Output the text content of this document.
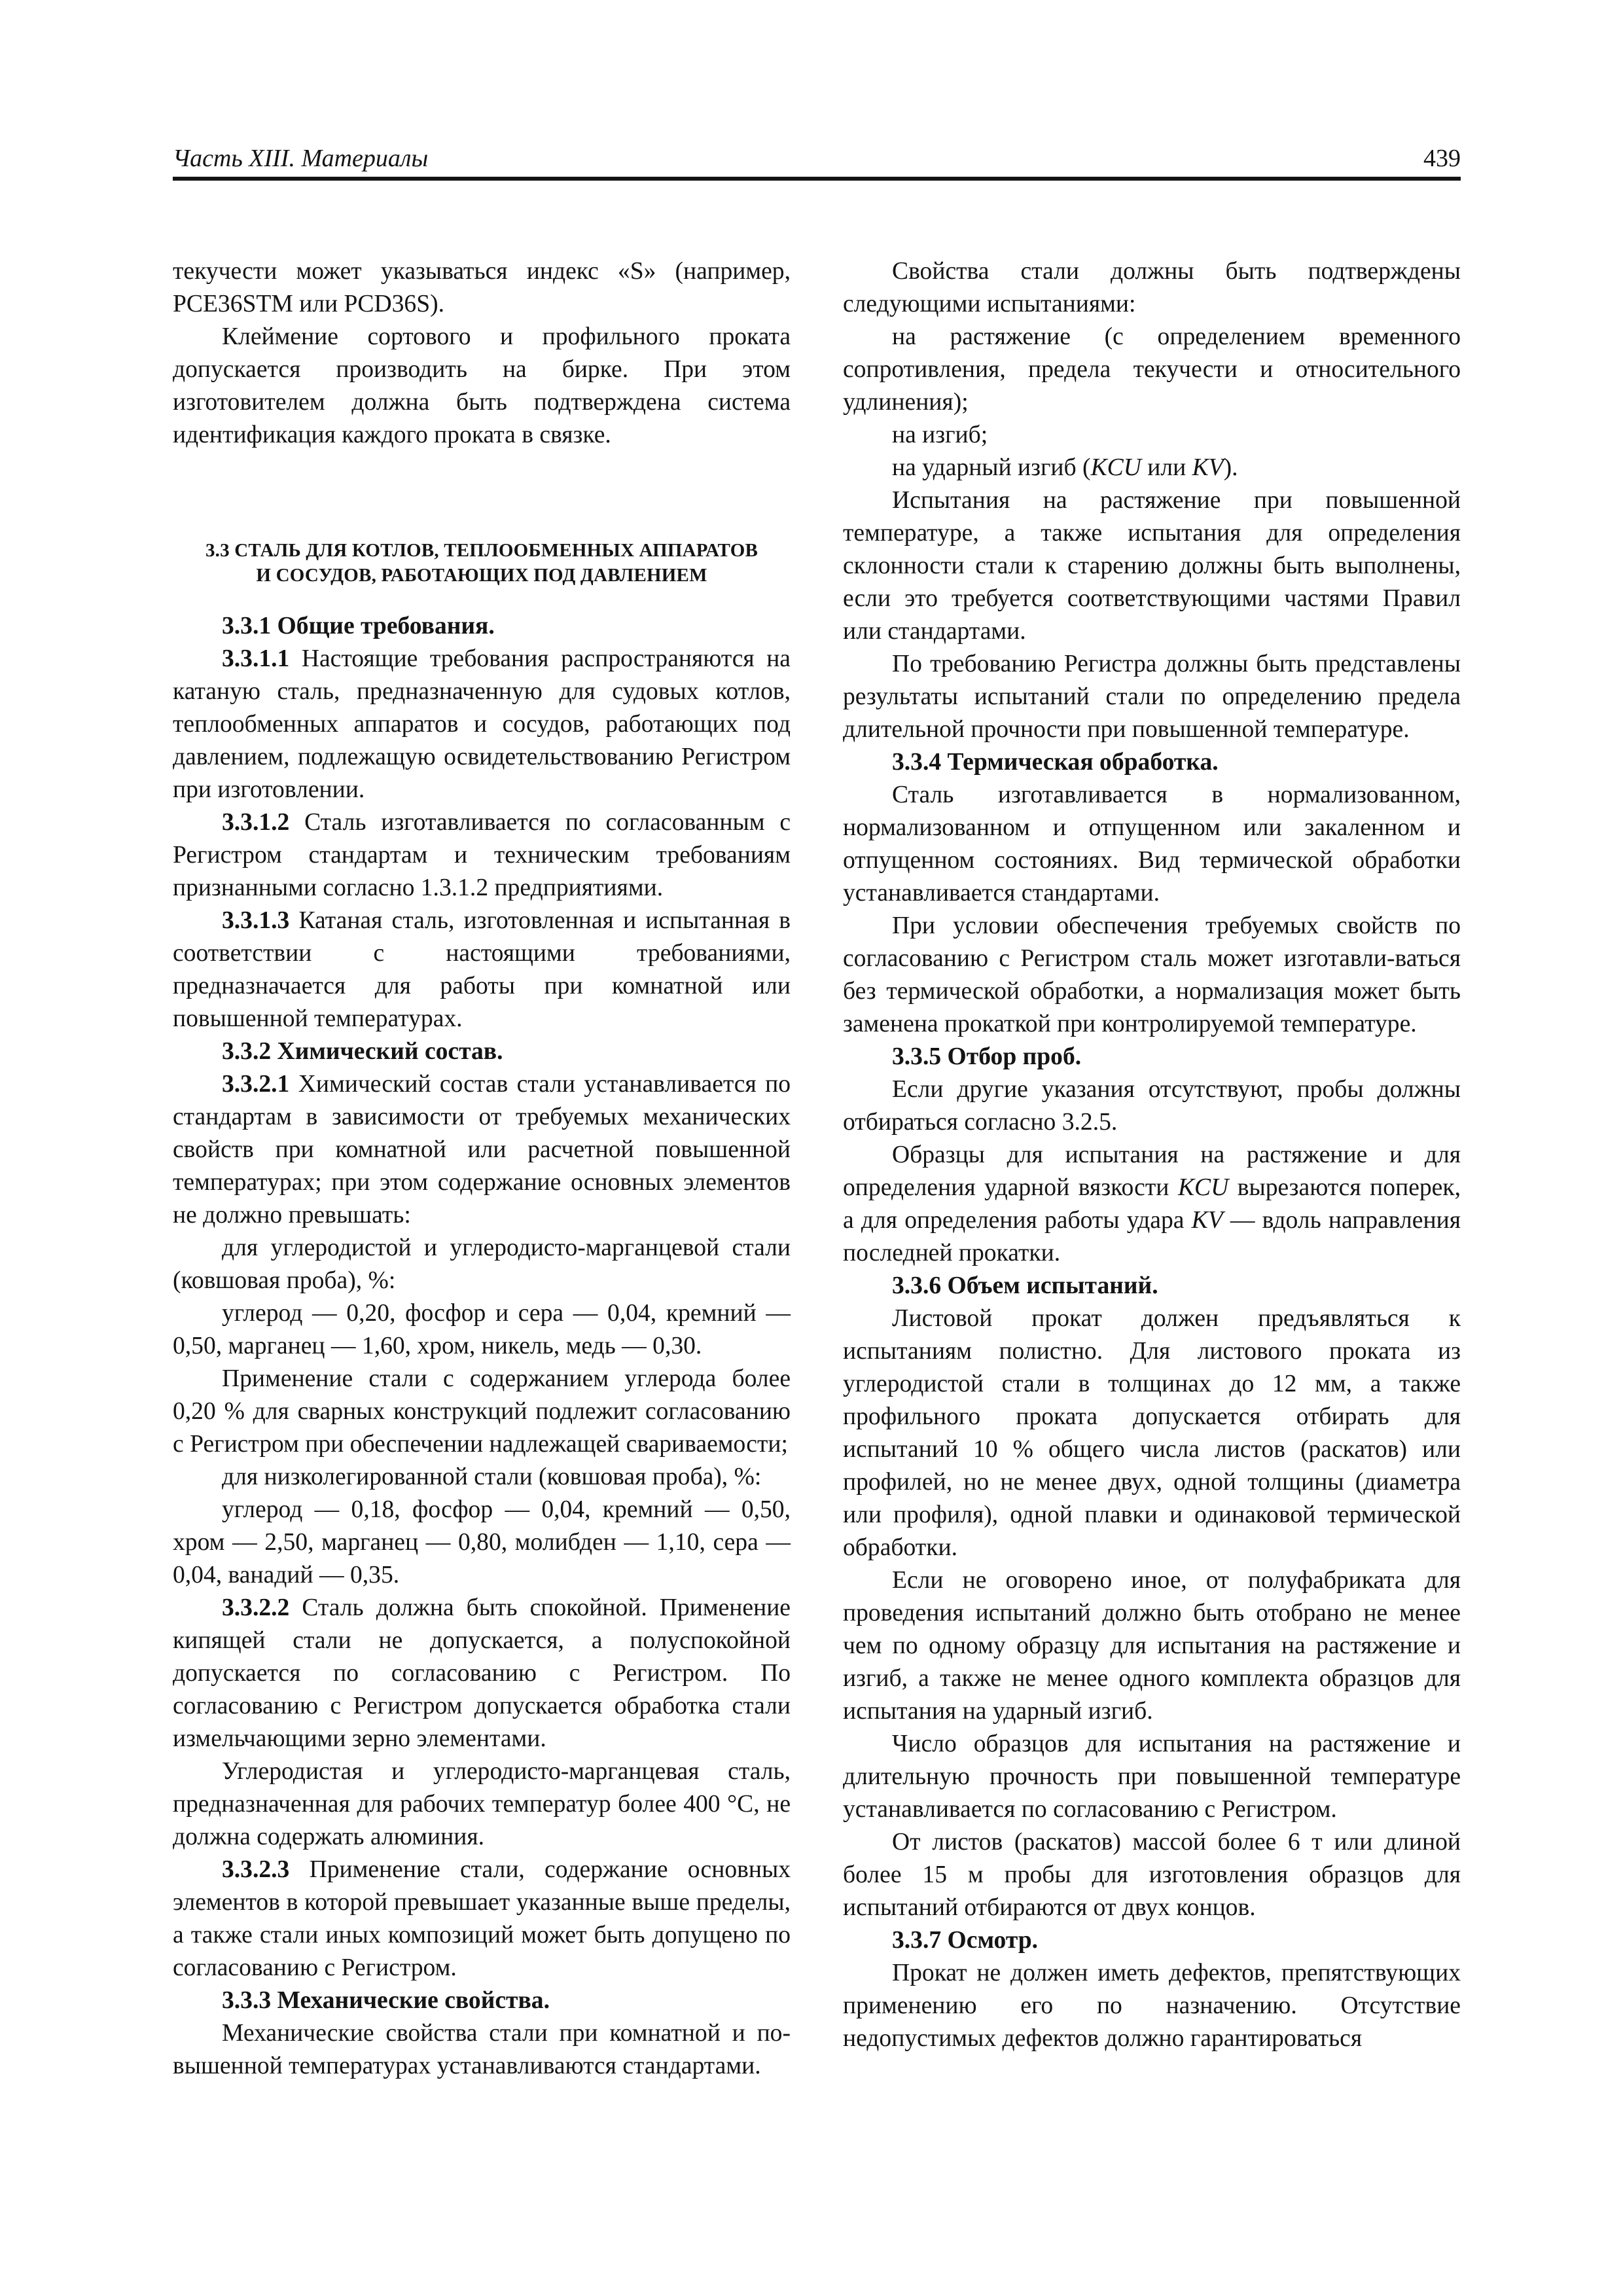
Часть XIII. Материалы	439

текучести может указываться индекс «S» (например, PCE36STM или PCD36S).

Клеймение сортового и профильного проката допускается производить на бирке. При этом изготовителем должна быть подтверждена система идентификация каждого проката в связке.

3.3 СТАЛЬ ДЛЯ КОТЛОВ, ТЕПЛООБМЕННЫХ АППАРАТОВ
И СОСУДОВ, РАБОТАЮЩИХ ПОД ДАВЛЕНИЕМ

3.3.1 Общие требования.

3.3.1.1 Настоящие требования распространяются на катаную сталь, предназначенную для судовых котлов, теплообменных аппаратов и сосудов, работающих под давлением, подлежащую освидетельствованию Регистром при изготовлении.

3.3.1.2 Сталь изготавливается по согласованным с Регистром стандартам и техническим требованиям признанными согласно 1.3.1.2 предприятиями.

3.3.1.3 Катаная сталь, изготовленная и испытанная в соответствии с настоящими требованиями, предназначается для работы при комнатной или повышенной температурах.

3.3.2 Химический состав.

3.3.2.1 Химический состав стали устанавливается по стандартам в зависимости от требуемых механических свойств при комнатной или расчетной повышенной температурах; при этом содержание основных элементов не должно превышать:

для углеродистой и углеродисто-марганцевой стали (ковшовая проба), %:

углерод — 0,20, фосфор и сера — 0,04, кремний — 0,50, марганец — 1,60, хром, никель, медь — 0,30.

Применение стали с содержанием углерода более 0,20 % для сварных конструкций подлежит согласованию с Регистром при обеспечении надлежащей свариваемости;

для низколегированной стали (ковшовая проба), %:

углерод — 0,18, фосфор — 0,04, кремний — 0,50, хром — 2,50, марганец — 0,80, молибден — 1,10, сера — 0,04, ванадий — 0,35.

3.3.2.2 Сталь должна быть спокойной. Применение кипящей стали не допускается, а полуспокойной допускается по согласованию с Регистром. По согласованию с Регистром допускается обработка стали измельчающими зерно элементами.

Углеродистая и углеродисто-марганцевая сталь, предназначенная для рабочих температур более 400 °C, не должна содержать алюминия.

3.3.2.3 Применение стали, содержание основных элементов в которой превышает указанные выше пределы, а также стали иных композиций может быть допущено по согласованию с Регистром.

3.3.3 Механические свойства.

Механические свойства стали при комнатной и повышенной температурах устанавливаются стандартами.

Свойства стали должны быть подтверждены следующими испытаниями:

на растяжение (с определением временного сопротивления, предела текучести и относительного удлинения);

на изгиб;

на ударный изгиб (KCU или KV).

Испытания на растяжение при повышенной температуре, а также испытания для определения склонности стали к старению должны быть выполнены, если это требуется соответствующими частями Правил или стандартами.

По требованию Регистра должны быть представлены результаты испытаний стали по определению предела длительной прочности при повышенной температуре.

3.3.4 Термическая обработка.

Сталь изготавливается в нормализованном, нормализованном и отпущенном или закаленном и отпущенном состояниях. Вид термической обработки устанавливается стандартами.

При условии обеспечения требуемых свойств по согласованию с Регистром сталь может изготавли-ваться без термической обработки, а нормализация может быть заменена прокаткой при контролируемой температуре.

3.3.5 Отбор проб.

Если другие указания отсутствуют, пробы должны отбираться согласно 3.2.5.

Образцы для испытания на растяжение и для определения ударной вязкости KCU вырезаются поперек, а для определения работы удара KV — вдоль направления последней прокатки.

3.3.6 Объем испытаний.

Листовой прокат должен предъявляться к испытаниям полистно. Для листового проката из углеродистой стали в толщинах до 12 мм, а также профильного проката допускается отбирать для испытаний 10 % общего числа листов (раскатов) или профилей, но не менее двух, одной толщины (диаметра или профиля), одной плавки и одинаковой термической обработки.

Если не оговорено иное, от полуфабриката для проведения испытаний должно быть отобрано не менее чем по одному образцу для испытания на растяжение и изгиб, а также не менее одного комплекта образцов для испытания на ударный изгиб.

Число образцов для испытания на растяжение и длительную прочность при повышенной температуре устанавливается по согласованию с Регистром.

От листов (раскатов) массой более 6 т или длиной более 15 м пробы для изготовления образцов для испытаний отбираются от двух концов.

3.3.7 Осмотр.

Прокат не должен иметь дефектов, препятствующих применению его по назначению. Отсутствие недопустимых дефектов должно гарантироваться
